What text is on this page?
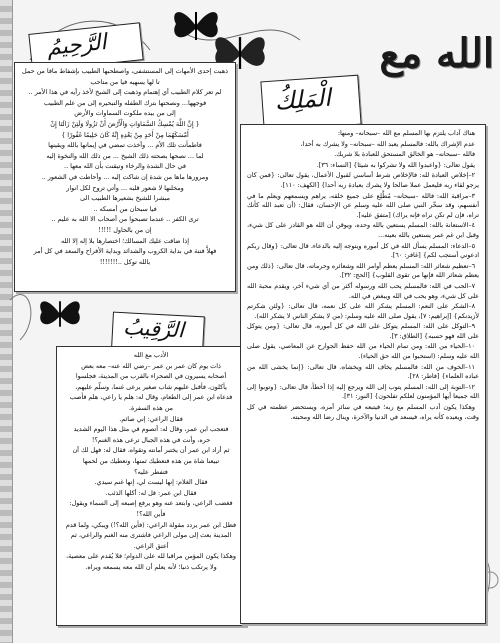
الله مع
الْمَلِكُ
الرَّحِيمُ
الرَّقِيبُ

ذهبت إحدى الأمهات إلى المستشفى، واصطحبها الطبيب بإشفاط مافا من حمل

تا لها يسهيه فيا من متاحب

لم تعر كلام الطبيب أي إهتمام وذهبت إلى الشيخ لأخذ رأيه في هذا الأمر ..

فوجهها... ونصحتها بترك الطفله والتبحيره إلى من علم الطبيب

إلى من بيده ملكوت السماوات والأرض

{ إِنَّ اللَّهَ يُمْسِكُ السَّمَاوَاتِ وَالْأَرْضَ أَنْ تَزُولَا وَلَئِنْ زَالَتَا إِنْ

أَمْسَكَهُمَا مِنْ أَحَدٍ مِنْ بَعْدِهِ إِنَّهُ كَانَ حَلِيمًا غَفُورًا }

فاطمأنت تلك الأم ... وأخذت تمضي في إيمانها بالله ويقينها

لما ... نصحها بصحته ذلك الشيخ ... من ذلك الله والنخوة إليه

في حال الشدة والرخاء وتيقنت بأن الله معها ..

ومرورها ماها من شدة إن شاكت إليه ... وأحاطت في الشعور ..

ومخلنها لا شعور قلبه ... وأتي تروح لكل انوار

مبشرا للشيخ بشعيرها الطبيب الى

فيا سبحان من أمسكه ..

ترى الكفر .. عندما تصبحوا من أصحاب الا الله به عليم ..

إن من بالحاول !!!!!

إذا ضاقت عليك المسالك؛ اختصارها بلا إله إلا الله

فهلاَّ فتنة في بداية الكروب والشدائد وبداية الأفراح والسعد في كل أمر

بالله توكل ..!!!!!!!

الأدب مع الله

ذات يوم كان عمر بن عمر –رضي الله عنه– معه بعض

أصحابه يسيرون في الصحراء بالقرب من المدينة، فجلسوا

يأكلون، فأقبل عليهم شاب صغير يرعى غنما، وسلّم عليهم،

فدعاه ابن عمر إلى الطعام، وقال له: هلم يا راعي، هلم فأصب

من هذه السفرة.

فقال الراعي: إني صائم.

فتعجب ابن عمر، وقال له: أتصوم في مثل هذا اليوم الشديد

حره، وأنت في هذه الجبال ترعى هذه الغنم؟!

ثم أراد ابن عمر أن يختبر أمانته وتقواه، فقال له: فهل لك أن

تبيعنا شاة من هذه فنعطيك ثمنها، ونعطيك من لحمها

فتفطر عليه؟

فقال الغلام: إنها ليست لي، إنها غنم سيدي.

فقال ابن عمر: قل له: أكلها الذئب.

فغضب الراعي، وابتعد عنه وهو يرفع إصبعه إلى السماء ويقول:

فأين الله؟!

فظل ابن عمر يردد مقولة الراعي: (فأين الله؟!) ويبكي، ولما قدم

المدينة بعث إلى مولى الراعي فاشترى منه الغنم والراعي، ثم

أعتق الراعي.

وهكذا يكون المؤمن مراقبا لله على الدوام؛ فلا يُقدم على معصية،

ولا يرتكب ذنبا؛ لأنه يعلم أن الله معه يسمعه ويراه.

هناك آداب يلتزم بها المسلم مع الله –سبحانه– ومنها:

عدم الإشراك بالله: فالمسلم يعبد الله –سبحانه– ولا يشرك به أحدا،

فالله –سبحانه– هو الخالق المستحق للعبادة بلا شريك.

يقول تعالى: {واعبدوا الله ولا تشركوا به شيئا} [النساء: ٣٦].

٢–إخلاص العبادة لله: فالإخلاص شرط أساسي لقبول الأعمال، يقول تعالى: {فمن كان يرجو لقاء ربه فليعمل عملا صالحا ولا يشرك بعبادة ربه أحدا} [الكهف: ١١٠].

٣–مراقبة الله: فالله –سبحانه– مُطَّلِع على جميع خلقه، يراهم ويسمعهم ويعلم ما في أنفسهم، وقد سخّر النبي صلى الله عليه وسلم عن الإحسان، فقال: (أن تعبد الله كأنك تراه، فإن لم تكن تراه فإنه يراك) [متفق عليه].

٤–الاستعانة بالله: المسلم يستعين بالله وحده، ويوقن أن الله هو القادر على كل شيء، وقبل ابن غم عمر يستعين بالله بعينه...

٥–الدعاء: المسلم يسأل الله في كل أموره ويتوجه إليه بالدعاء، قال تعالى: {وقال ربكم ادعوني أستجب لكم} [غافر: ٦٠].

٦–تعظيم شعائر الله: المسلم يعظم أوامر الله وشعائره وحرماته، قال تعالى: {ذلك ومن يعظم شعائر الله فإنها من تقوى القلوب} [الحج: ٣٢].

٧–الحب في الله: فالمسلم يحب الله ورسوله أكثر من أي شيء آخر، ويقدم محبة الله على كل شيء، وهو يحب في الله ويبغض في الله.

٨–الشكر على النعم: المسلم يشكر الله على كل نعمه، قال تعالى: {ولئن شكرتم لأزيدنكم} [إبراهيم: ٧]، يقول صلى الله عليه وسلم: (من لا يشكر الناس لا يشكر الله).

٩–التوكل على الله: المسلم يتوكل على الله في كل أموره، قال تعالى: {ومن يتوكل على الله فهو حسبه} [الطلاق: ٣].

١٠–الحياء من الله: ومن تمام الحياء من الله حفظ الجوارح عن المعاصي، يقول صلى الله عليه وسلم: (استحيوا من الله حق الحياء).

١١–الخوف من الله: فالمسلم يخاف الله ويخشاه، قال تعالى: {إنما يخشى الله من عباده العلماء} [فاطر: ٢٨].

١٢–التوبة إلى الله: المسلم يتوب إلى الله ويرجع إليه إذا أخطأ، قال تعالى: {وتوبوا إلى الله جميعا أيها المؤمنون لعلكم تفلحون} [النور: ٣١].

وهكذا يكون أدب المسلم مع ربه؛ فيتبعه في سائر أمره، ويستحضر عظمته في كل وقت، ويعبده كأنه يراه، فيسعد في الدنيا والآخرة، وينال رضا الله ومحبته.
